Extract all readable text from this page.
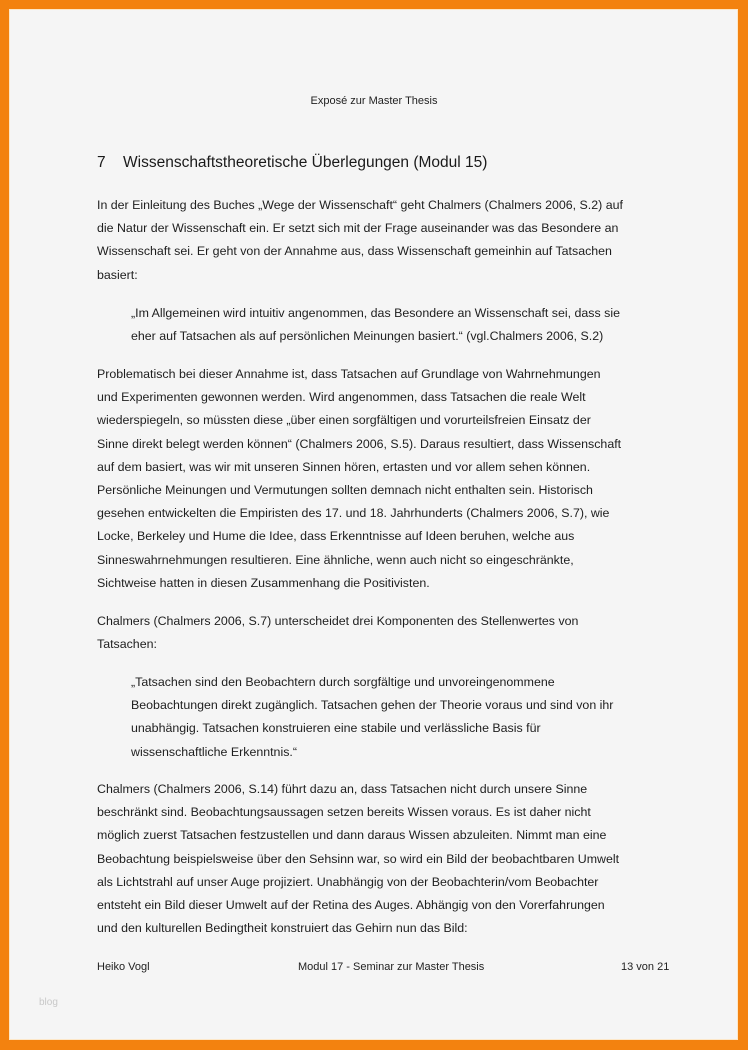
Exposé zur Master Thesis
7 Wissenschaftstheoretische Überlegungen (Modul 15)

In der Einleitung des Buches „Wege der Wissenschaft“ geht Chalmers (Chalmers 2006, S.2) auf

die Natur der Wissenschaft ein. Er setzt sich mit der Frage auseinander was das Besondere an

Wissenschaft sei. Er geht von der Annahme aus, dass Wissenschaft gemeinhin auf Tatsachen

basiert:

„Im Allgemeinen wird intuitiv angenommen, das Besondere an Wissenschaft sei, dass sie

eher auf Tatsachen als auf persönlichen Meinungen basiert.“ (vgl.Chalmers 2006, S.2)

Problematisch bei dieser Annahme ist, dass Tatsachen auf Grundlage von Wahrnehmungen

und Experimenten gewonnen werden. Wird angenommen, dass Tatsachen die reale Welt

wiederspiegeln, so müssten diese „über einen sorgfältigen und vorurteilsfreien Einsatz der

Sinne direkt belegt werden können“ (Chalmers 2006, S.5). Daraus resultiert, dass Wissenschaft

auf dem basiert, was wir mit unseren Sinnen hören, ertasten und vor allem sehen können.

Persönliche Meinungen und Vermutungen sollten demnach nicht enthalten sein. Historisch

gesehen entwickelten die Empiristen des 17. und 18. Jahrhunderts (Chalmers 2006, S.7), wie

Locke, Berkeley und Hume die Idee, dass Erkenntnisse auf Ideen beruhen, welche aus

Sinneswahrnehmungen resultieren. Eine ähnliche, wenn auch nicht so eingeschränkte,

Sichtweise hatten in diesen Zusammenhang die Positivisten.

Chalmers (Chalmers 2006, S.7) unterscheidet drei Komponenten des Stellenwertes von

Tatsachen:

„Tatsachen sind den Beobachtern durch sorgfältige und unvoreingenommene

Beobachtungen direkt zugänglich. Tatsachen gehen der Theorie voraus und sind von ihr

unabhängig. Tatsachen konstruieren eine stabile und verlässliche Basis für

wissenschaftliche Erkenntnis.“

Chalmers (Chalmers 2006, S.14) führt dazu an, dass Tatsachen nicht durch unsere Sinne

beschränkt sind. Beobachtungsaussagen setzen bereits Wissen voraus. Es ist daher nicht

möglich zuerst Tatsachen festzustellen und dann daraus Wissen abzuleiten. Nimmt man eine

Beobachtung beispielsweise über den Sehsinn war, so wird ein Bild der beobachtbaren Umwelt

als Lichtstrahl auf unser Auge projiziert. Unabhängig von der Beobachterin/vom Beobachter

entsteht ein Bild dieser Umwelt auf der Retina des Auges. Abhängig von den Vorerfahrungen

und den kulturellen Bedingtheit konstruiert das Gehirn nun das Bild:

Heiko Vogl	Modul 17 - Seminar zur Master Thesis	13 von 21
blog
